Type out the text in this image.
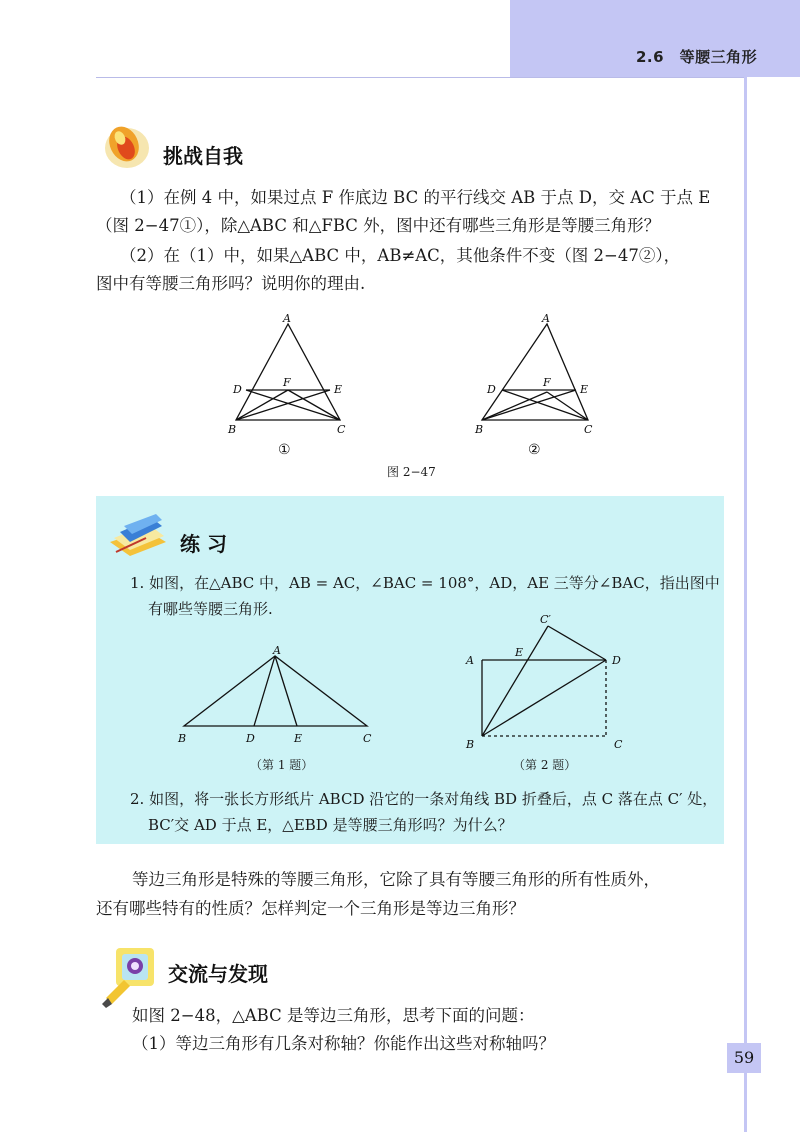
2.6　等腰三角形
挑战自我
（1）在例 4 中，如果过点 F 作底边 BC 的平行线交 AB 于点 D，交 AC 于点 E
（图 2−47①），除△ABC 和△FBC 外，图中还有哪些三角形是等腰三角形？
（2）在（1）中，如果△ABC 中，AB≠AC，其他条件不变（图 2−47②），
图中有等腰三角形吗？说明你的理由.
A
D	E
F
B	C
①
A
D	E
F
B	C
②
图 2−47
练 习
1. 如图，在△ABC 中，AB = AC，∠BAC = 108°，AD，AE 三等分∠BAC，指出图中
有哪些等腰三角形.
A
B	D	E	C
C′
A
E
D
B	C
（第 1 题）	（第 2 题）
2. 如图，将一张长方形纸片 ABCD 沿它的一条对角线 BD 折叠后，点 C 落在点 C′ 处，
BC′交 AD 于点 E，△EBD 是等腰三角形吗？为什么？
等边三角形是特殊的等腰三角形，它除了具有等腰三角形的所有性质外，
还有哪些特有的性质？怎样判定一个三角形是等边三角形？
交流与发现
如图 2−48，△ABC 是等边三角形，思考下面的问题：
（1）等边三角形有几条对称轴？你能作出这些对称轴吗？
59
